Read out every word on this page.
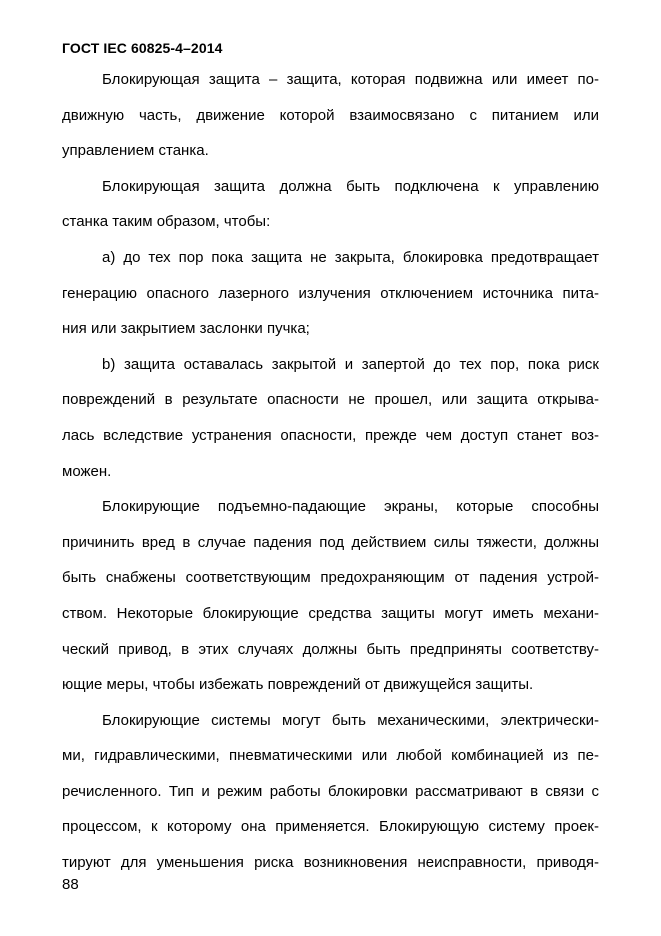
ГОСТ IEC 60825-4–2014
Блокирующая защита – защита, которая подвижна или имеет по-
движную часть, движение которой взаимосвязано с питанием или
управлением станка.
Блокирующая защита должна быть подключена к управлению
станка таким образом, чтобы:
a) до тех пор пока защита не закрыта, блокировка предотвращает
генерацию опасного лазерного излучения отключением источника пита-
ния или закрытием заслонки пучка;
b) защита оставалась закрытой и запертой до тех пор, пока риск
повреждений в результате опасности не прошел, или защита открыва-
лась вследствие устранения опасности, прежде чем доступ станет воз-
можен.
Блокирующие подъемно-падающие экраны, которые способны
причинить вред в случае падения под действием силы тяжести, должны
быть снабжены соответствующим предохраняющим от падения устрой-
ством. Некоторые блокирующие средства защиты могут иметь механи-
ческий привод, в этих случаях должны быть предприняты соответству-
ющие меры, чтобы избежать повреждений от движущейся защиты.
Блокирующие системы могут быть механическими, электрически-
ми, гидравлическими, пневматическими или любой комбинацией из пе-
речисленного. Тип и режим работы блокировки рассматривают в связи с
процессом, к которому она применяется. Блокирующую систему проек-
тируют для уменьшения риска возникновения неисправности, приводя-
88
